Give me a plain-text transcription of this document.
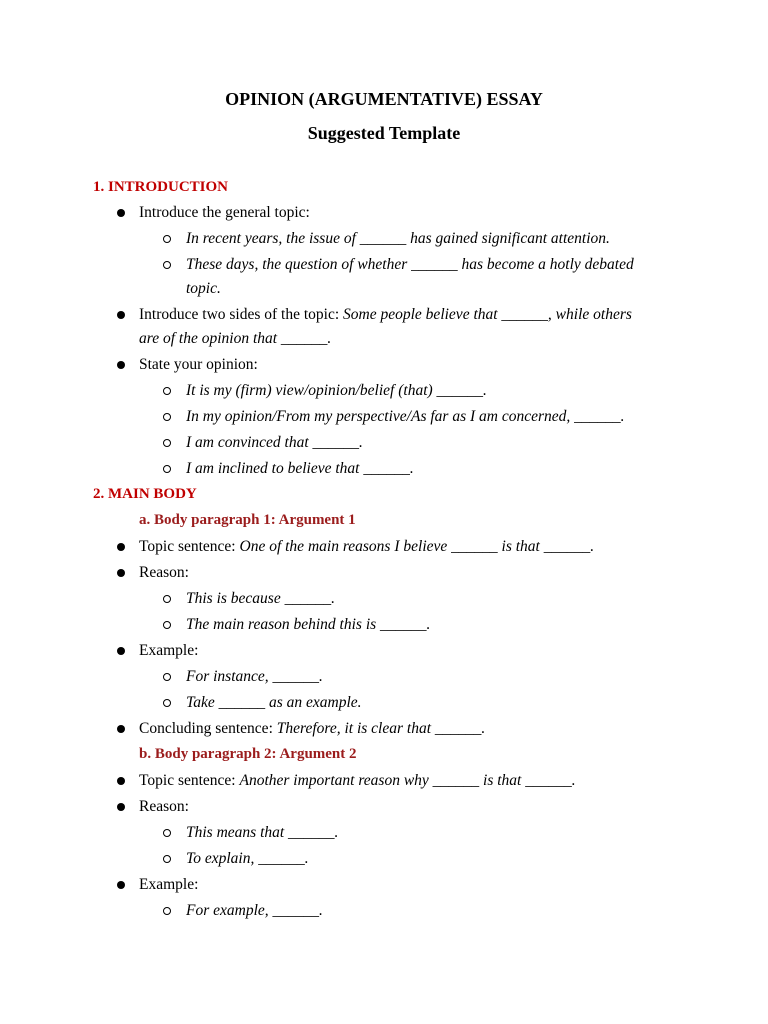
OPINION (ARGUMENTATIVE) ESSAY
Suggested Template
1. INTRODUCTION
Introduce the general topic:
In recent years, the issue of ______ has gained significant attention.
These days, the question of whether ______ has become a hotly debated
topic.
Introduce two sides of the topic: Some people believe that ______, while others
are of the opinion that ______.
State your opinion:
It is my (firm) view/opinion/belief (that) ______.
In my opinion/From my perspective/As far as I am concerned, ______.
I am convinced that ______.
I am inclined to believe that ______.
2. MAIN BODY
a. Body paragraph 1: Argument 1
Topic sentence: One of the main reasons I believe ______ is that ______.
Reason:
This is because ______.
The main reason behind this is ______.
Example:
For instance, ______.
Take ______ as an example.
Concluding sentence: Therefore, it is clear that ______.
b. Body paragraph 2: Argument 2
Topic sentence: Another important reason why ______ is that ______.
Reason:
This means that ______.
To explain, ______.
Example:
For example, ______.
